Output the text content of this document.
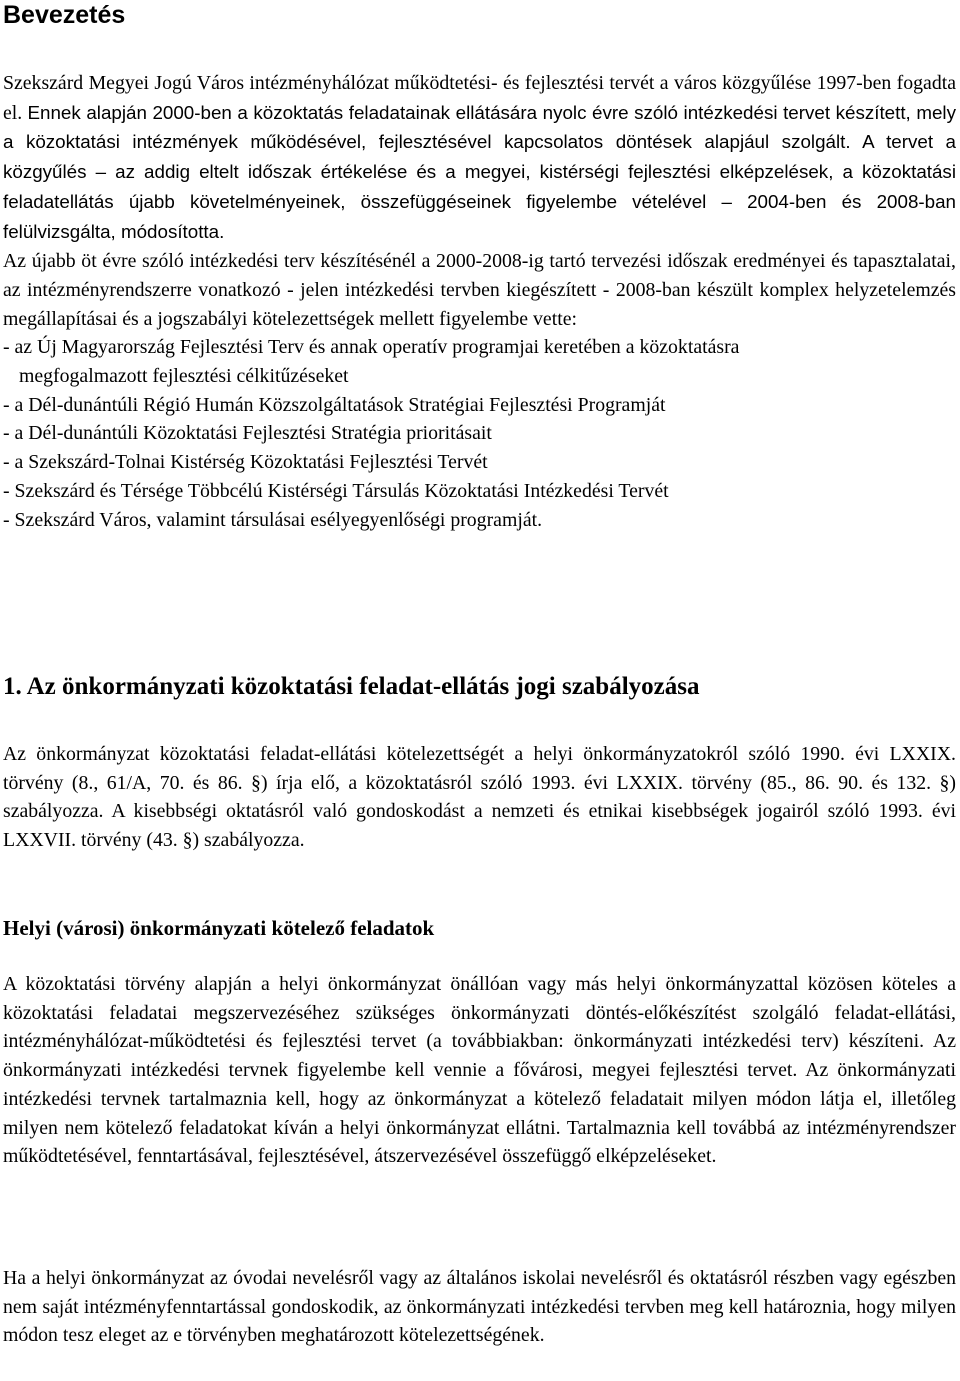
Bevezetés

Szekszárd Megyei Jogú Város intézményhálózat működtetési- és fejlesztési tervét a város közgyűlése 1997-ben fogadta el. Ennek alapján 2000-ben a közoktatás feladatainak ellátására nyolc évre szóló intézkedési tervet készített, mely a közoktatási intézmények működésével, fejlesztésével kapcsolatos döntések alapjául szolgált. A tervet a közgyűlés – az addig eltelt időszak értékelése és a megyei, kistérségi fejlesztési elképzelések, a közoktatási feladatellátás újabb követelményeinek, összefüggéseinek figyelembe vételével – 2004-ben és 2008-ban felülvizsgálta, módosította.

Az újabb öt évre szóló intézkedési terv készítésénél a 2000-2008-ig tartó tervezési időszak eredményei és tapasztalatai, az intézményrendszerre vonatkozó - jelen intézkedési tervben kiegészített - 2008-ban készült komplex helyzetelemzés megállapításai és a jogszabályi kötelezettségek mellett figyelembe vette:

- az Új Magyarország Fejlesztési Terv és annak operatív programjai keretében a közoktatásra
megfogalmazott fejlesztési célkitűzéseket
- a Dél-dunántúli Régió Humán Közszolgáltatások Stratégiai Fejlesztési Programját
- a Dél-dunántúli Közoktatási Fejlesztési Stratégia prioritásait
- a Szekszárd-Tolnai Kistérség Közoktatási Fejlesztési Tervét
- Szekszárd és Térsége Többcélú Kistérségi Társulás Közoktatási Intézkedési Tervét
- Szekszárd Város, valamint társulásai esélyegyenlőségi programját.
1. Az önkormányzati közoktatási feladat-ellátás jogi szabályozása

Az önkormányzat közoktatási feladat-ellátási kötelezettségét a helyi önkormányzatokról szóló 1990. évi LXXIX. törvény (8., 61/A, 70. és 86. §) írja elő, a közoktatásról szóló 1993. évi LXXIX. törvény (85., 86. 90. és 132. §) szabályozza. A kisebbségi oktatásról való gondoskodást a nemzeti és etnikai kisebbségek jogairól szóló 1993. évi LXXVII. törvény (43. §) szabályozza.

Helyi (városi) önkormányzati kötelező feladatok

A közoktatási törvény alapján a helyi önkormányzat önállóan vagy más helyi önkormányzattal közösen köteles a közoktatási feladatai megszervezéséhez szükséges önkormányzati döntés-előkészítést szolgáló feladat-ellátási, intézményhálózat-működtetési és fejlesztési tervet (a továbbiakban: önkormányzati intézkedési terv) készíteni. Az önkormányzati intézkedési tervnek figyelembe kell vennie a fővárosi, megyei fejlesztési tervet. Az önkormányzati intézkedési tervnek tartalmaznia kell, hogy az önkormányzat a kötelező feladatait milyen módon látja el, illetőleg milyen nem kötelező feladatokat kíván a helyi önkormányzat ellátni. Tartalmaznia kell továbbá az intézményrendszer működtetésével, fenntartásával, fejlesztésével, átszervezésével összefüggő elképzeléseket.

Ha a helyi önkormányzat az óvodai nevelésről vagy az általános iskolai nevelésről és oktatásról részben vagy egészben nem saját intézményfenntartással gondoskodik, az önkormányzati intézkedési tervben meg kell határoznia, hogy milyen módon tesz eleget az e törvényben meghatározott kötelezettségének.
